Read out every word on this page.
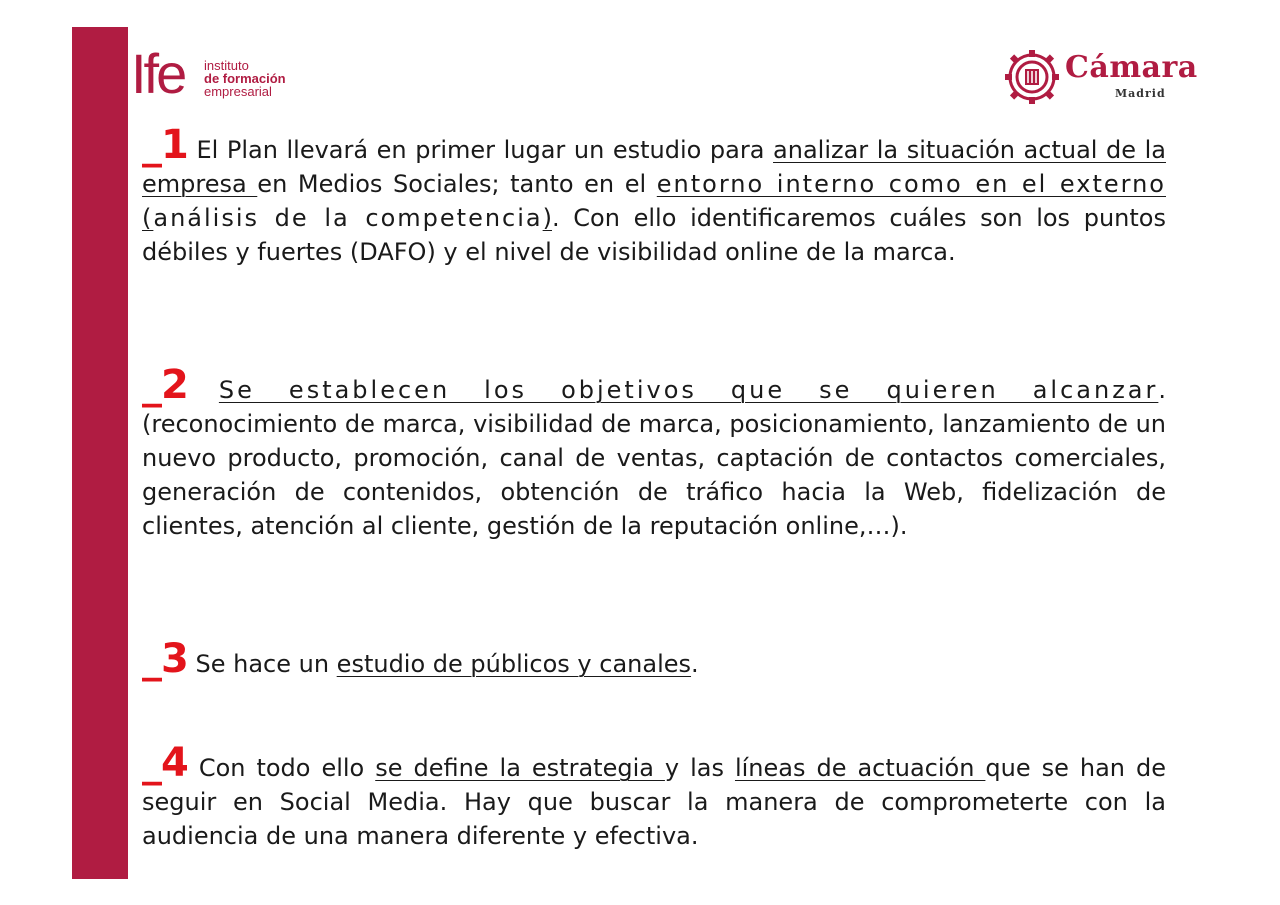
Ife instituto
de formación
empresarial
Cámara
Madrid

_1 El Plan llevará en primer lugar un estudio para analizar la situación actual de la empresa en Medios Sociales; tanto en el entorno interno como en el externo (análisis de la competencia). Con ello identificaremos cuáles son los puntos débiles y fuertes (DAFO) y el nivel de visibilidad online de la marca.

_2 Se establecen los objetivos que se quieren alcanzar. (reconocimiento de marca, visibilidad de marca, posicionamiento, lanzamiento de un nuevo producto, promoción, canal de ventas, captación de contactos comerciales, generación de contenidos, obtención de tráfico hacia la Web, fidelización de clientes, atención al cliente, gestión de la reputación online,…).

_3 Se hace un estudio de públicos y canales.

_4 Con todo ello se define la estrategia y las líneas de actuación que se han de seguir en Social Media. Hay que buscar la manera de comprometerte con la audiencia de una manera diferente y efectiva.
